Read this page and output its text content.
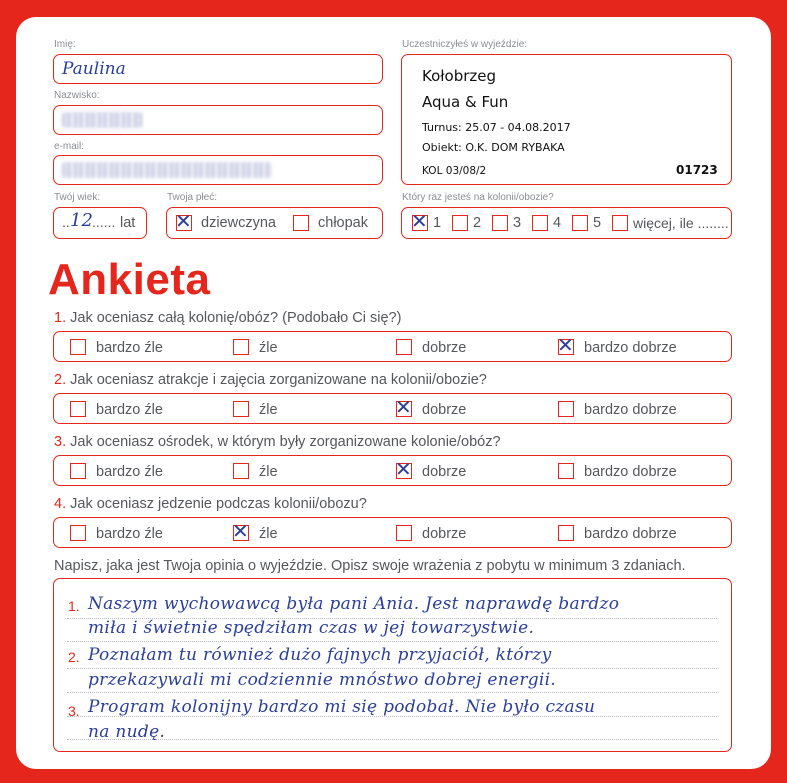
Imię:
Paulina
Nazwisko:
e-mail:
Twój wiek:
.. 12 ...... lat
Twoja płeć:
✕ dziewczyna	chłopak
Uczestniczyłeś w wyjeździe:
Kołobrzeg
Aqua & Fun
Turnus: 25.07 - 04.08.2017
Obiekt: O.K. DOM RYBAKA
KOL 03/08/2	01723
Który raz jesteś na kolonii/obozie?
✕ 1 2 3 4 5 więcej, ile ........
Ankieta
1. Jak oceniasz całą kolonię/obóz? (Podobało Ci się?)
bardzo źle	źle	dobrze	✕ bardzo dobrze
2. Jak oceniasz atrakcje i zajęcia zorganizowane na kolonii/obozie?
bardzo źle	źle	✕ dobrze	bardzo dobrze
3. Jak oceniasz ośrodek, w którym były zorganizowane kolonie/obóz?
bardzo źle	źle	✕ dobrze	bardzo dobrze
4. Jak oceniasz jedzenie podczas kolonii/obozu?
bardzo źle	✕ źle	dobrze	bardzo dobrze
Napisz, jaka jest Twoja opinia o wyjeździe. Opisz swoje wrażenia z pobytu w minimum 3 zdaniach.
1.
2.
3.
Naszym wychowawcą była pani Ania. Jest naprawdę bardzo
miła i świetnie spędziłam czas w jej towarzystwie.
Poznałam tu również dużo fajnych przyjaciół, którzy
przekazywali mi codziennie mnóstwo dobrej energii.
Program kolonijny bardzo mi się podobał. Nie było czasu
na nudę.
